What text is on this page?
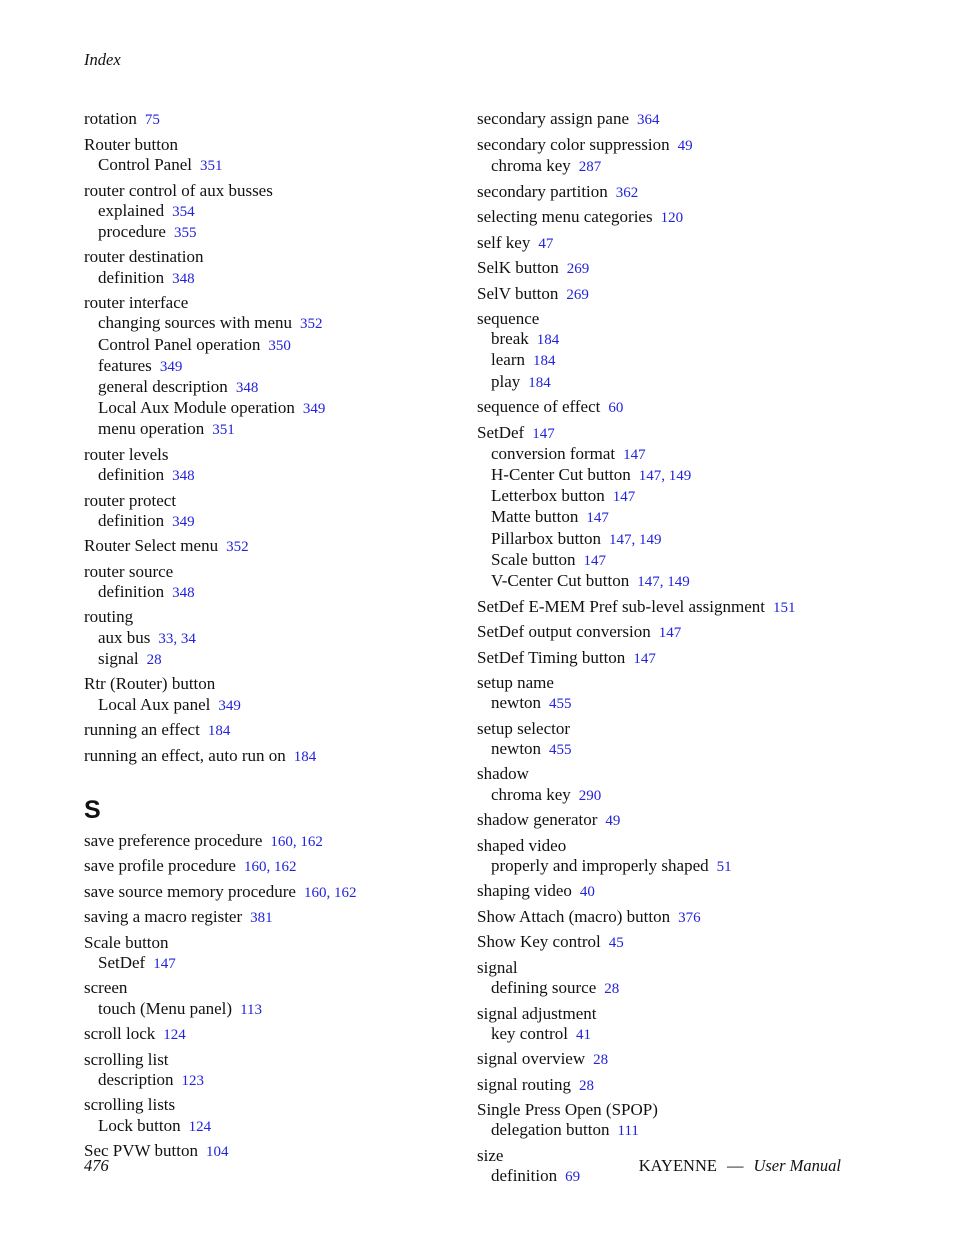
Index
rotation 75
Router button
Control Panel 351
router control of aux busses
explained 354
procedure 355
router destination
definition 348
router interface
changing sources with menu 352
Control Panel operation 350
features 349
general description 348
Local Aux Module operation 349
menu operation 351
router levels
definition 348
router protect
definition 349
Router Select menu 352
router source
definition 348
routing
aux bus 33, 34
signal 28
Rtr (Router) button
Local Aux panel 349
running an effect 184
running an effect, auto run on 184
S
save preference procedure 160, 162
save profile procedure 160, 162
save source memory procedure 160, 162
saving a macro register 381
Scale button
SetDef 147
screen
touch (Menu panel) 113
scroll lock 124
scrolling list
description 123
scrolling lists
Lock button 124
Sec PVW button 104
secondary assign pane 364
secondary color suppression 49
chroma key 287
secondary partition 362
selecting menu categories 120
self key 47
SelK button 269
SelV button 269
sequence
break 184
learn 184
play 184
sequence of effect 60
SetDef 147
conversion format 147
H-Center Cut button 147, 149
Letterbox button 147
Matte button 147
Pillarbox button 147, 149
Scale button 147
V-Center Cut button 147, 149
SetDef E-MEM Pref sub-level assignment 151
SetDef output conversion 147
SetDef Timing button 147
setup name
newton 455
setup selector
newton 455
shadow
chroma key 290
shadow generator 49
shaped video
properly and improperly shaped 51
shaping video 40
Show Attach (macro) button 376
Show Key control 45
signal
defining source 28
signal adjustment
key control 41
signal overview 28
signal routing 28
Single Press Open (SPOP)
delegation button 111
size
definition 69
476	KAYENNE — User Manual
